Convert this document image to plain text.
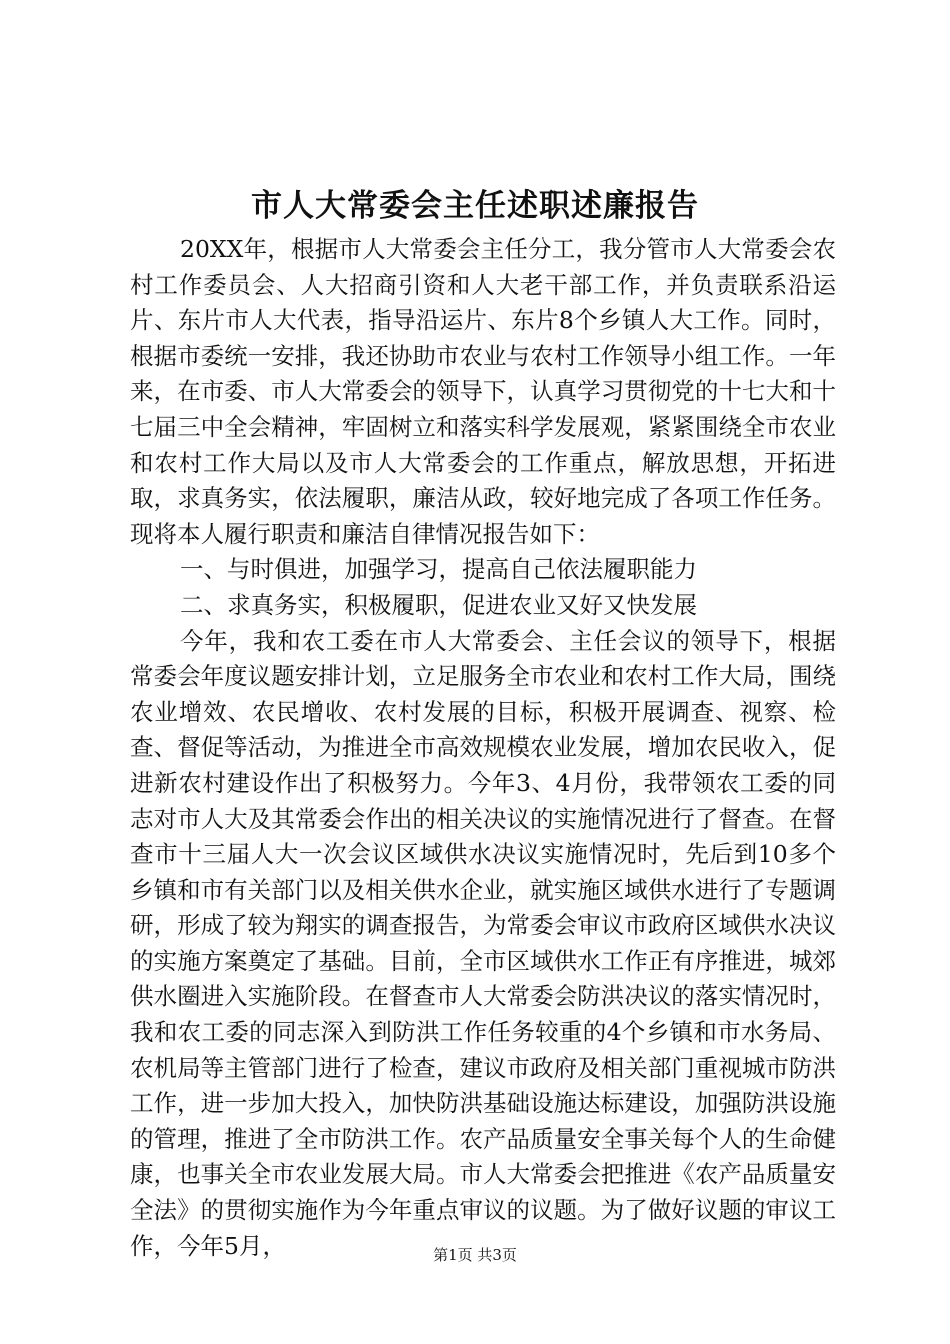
市人大常委会主任述职述廉报告

20XX年，根据市人大常委会主任分工，我分管市人大常委会农村工作委员会、人大招商引资和人大老干部工作，并负责联系沿运片、东片市人大代表，指导沿运片、东片8个乡镇人大工作。同时，根据市委统一安排，我还协助市农业与农村工作领导小组工作。一年来，在市委、市人大常委会的领导下，认真学习贯彻党的十七大和十七届三中全会精神，牢固树立和落实科学发展观，紧紧围绕全市农业和农村工作大局以及市人大常委会的工作重点，解放思想，开拓进取，求真务实，依法履职，廉洁从政，较好地完成了各项工作任务。现将本人履行职责和廉洁自律情况报告如下：

一、与时俱进，加强学习，提高自己依法履职能力

二、求真务实，积极履职，促进农业又好又快发展

今年，我和农工委在市人大常委会、主任会议的领导下，根据常委会年度议题安排计划，立足服务全市农业和农村工作大局，围绕农业增效、农民增收、农村发展的目标，积极开展调查、视察、检查、督促等活动，为推进全市高效规模农业发展，增加农民收入，促进新农村建设作出了积极努力。今年3、4月份，我带领农工委的同志对市人大及其常委会作出的相关决议的实施情况进行了督查。在督查市十三届人大一次会议区域供水决议实施情况时，先后到10多个乡镇和市有关部门以及相关供水企业，就实施区域供水进行了专题调研，形成了较为翔实的调查报告，为常委会审议市政府区域供水决议的实施方案奠定了基础。目前，全市区域供水工作正有序推进，城郊供水圈进入实施阶段。在督查市人大常委会防洪决议的落实情况时，我和农工委的同志深入到防洪工作任务较重的4个乡镇和市水务局、农机局等主管部门进行了检查，建议市政府及相关部门重视城市防洪工作，进一步加大投入，加快防洪基础设施达标建设，加强防洪设施的管理，推进了全市防洪工作。农产品质量安全事关每个人的生命健康，也事关全市农业发展大局。市人大常委会把推进《农产品质量安全法》的贯彻实施作为今年重点审议的议题。为了做好议题的审议工作，今年5月，	第1页 共3页
